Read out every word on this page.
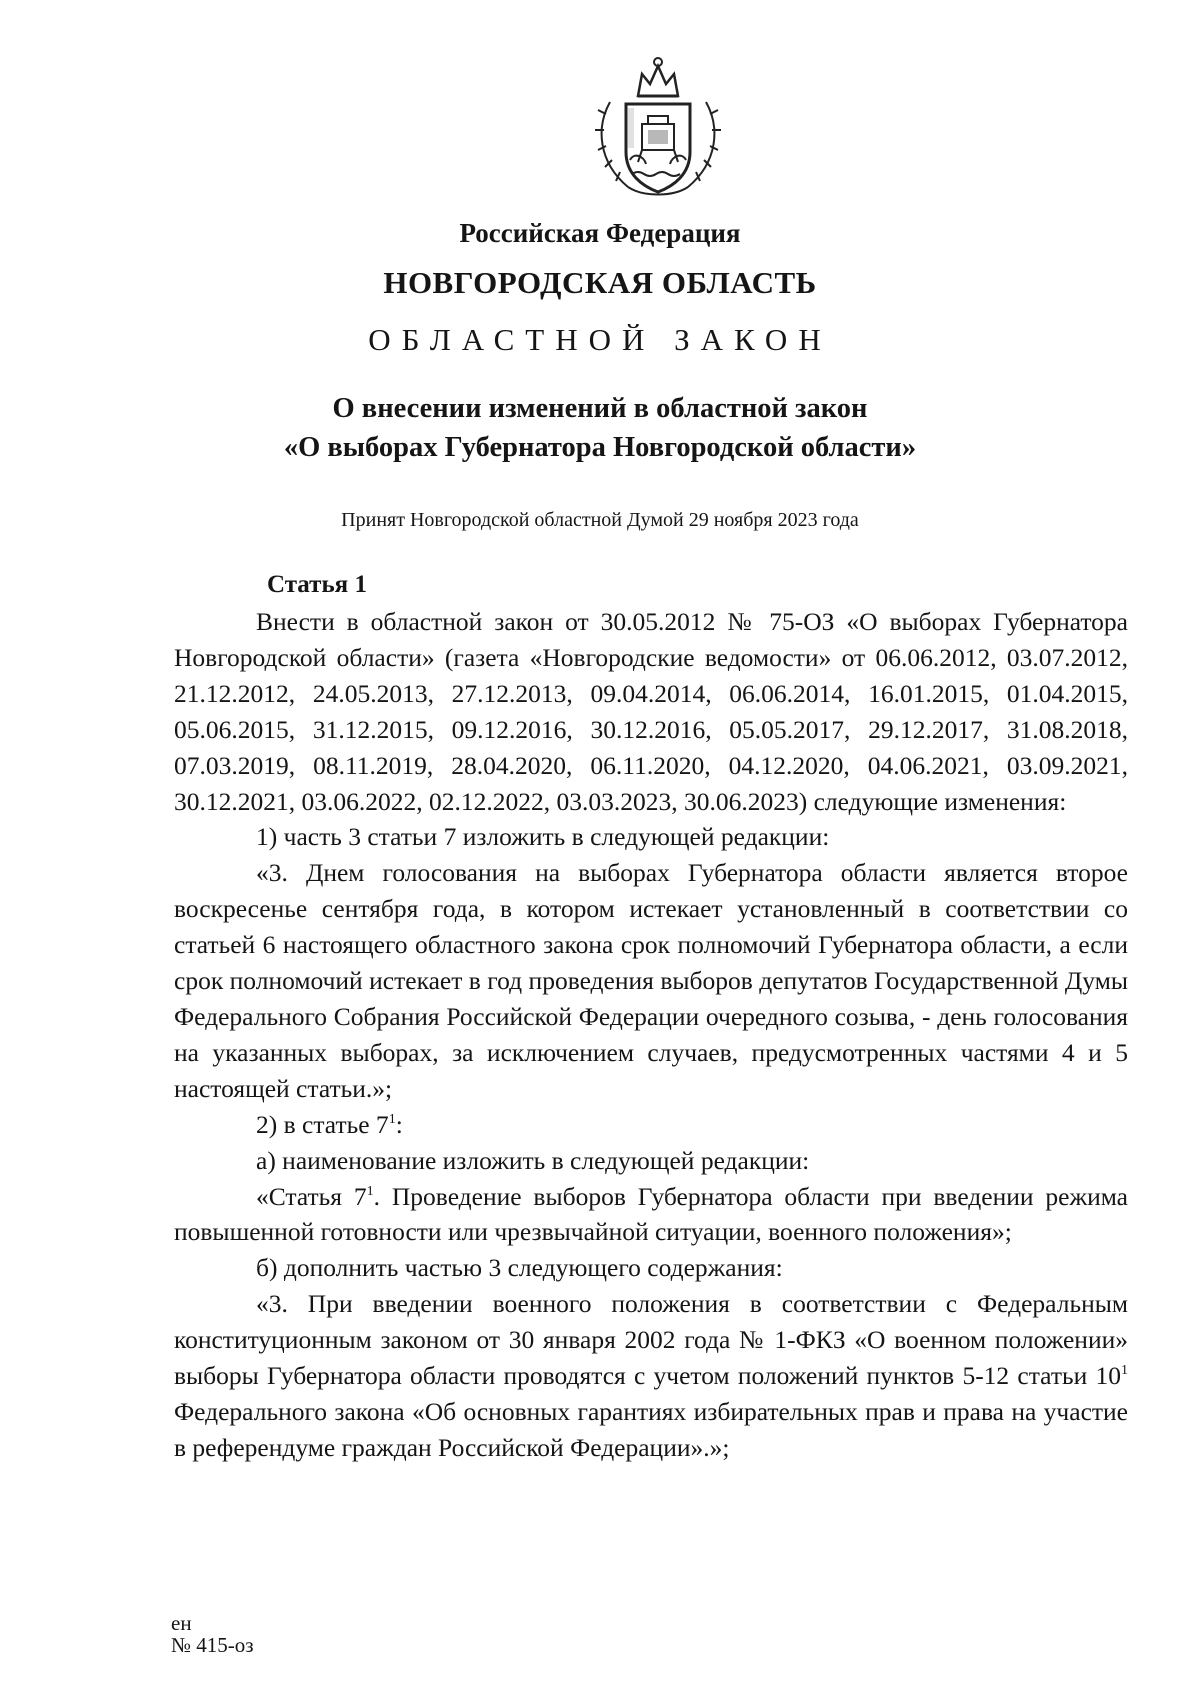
Российская Федерация
НОВГОРОДСКАЯ ОБЛАСТЬ
ОБЛАСТНОЙ ЗАКОН
О внесении изменений в областной закон
«О выборах Губернатора Новгородской области»
Принят Новгородской областной Думой 29 ноября 2023 года
Статья 1

Внести в областной закон от 30.05.2012 № 75-ОЗ «О выборах Губернатора Новгородской области» (газета «Новгородские ведомости» от 06.06.2012, 03.07.2012, 21.12.2012, 24.05.2013, 27.12.2013, 09.04.2014, 06.06.2014, 16.01.2015, 01.04.2015, 05.06.2015, 31.12.2015, 09.12.2016, 30.12.2016, 05.05.2017, 29.12.2017, 31.08.2018, 07.03.2019, 08.11.2019, 28.04.2020, 06.11.2020, 04.12.2020, 04.06.2021, 03.09.2021, 30.12.2021, 03.06.2022, 02.12.2022, 03.03.2023, 30.06.2023) следующие изменения:

1) часть 3 статьи 7 изложить в следующей редакции:

«3. Днем голосования на выборах Губернатора области является второе воскресенье сентября года, в котором истекает установленный в соответствии со статьей 6 настоящего областного закона срок полномочий Губернатора области, а если срок полномочий истекает в год проведения выборов депутатов Государственной Думы Федерального Собрания Российской Федерации очередного созыва, - день голосования на указанных выборах, за исключением случаев, предусмотренных частями 4 и 5 настоящей статьи.»;

2) в статье $7^1$:

а) наименование изложить в следующей редакции:

«Статья $7^1$. Проведение выборов Губернатора области при введении режима повышенной готовности или чрезвычайной ситуации, военного положения»;

б) дополнить частью 3 следующего содержания:

«3. При введении военного положения в соответствии с Федеральным конституционным законом от 30 января 2002 года № 1-ФКЗ «О военном положении» выборы Губернатора области проводятся с учетом положений пунктов 5-12 статьи $10^1$ Федерального закона «Об основных гарантиях избирательных прав и права на участие в референдуме граждан Российской Федерации».»;

ен
№ 415-оз
